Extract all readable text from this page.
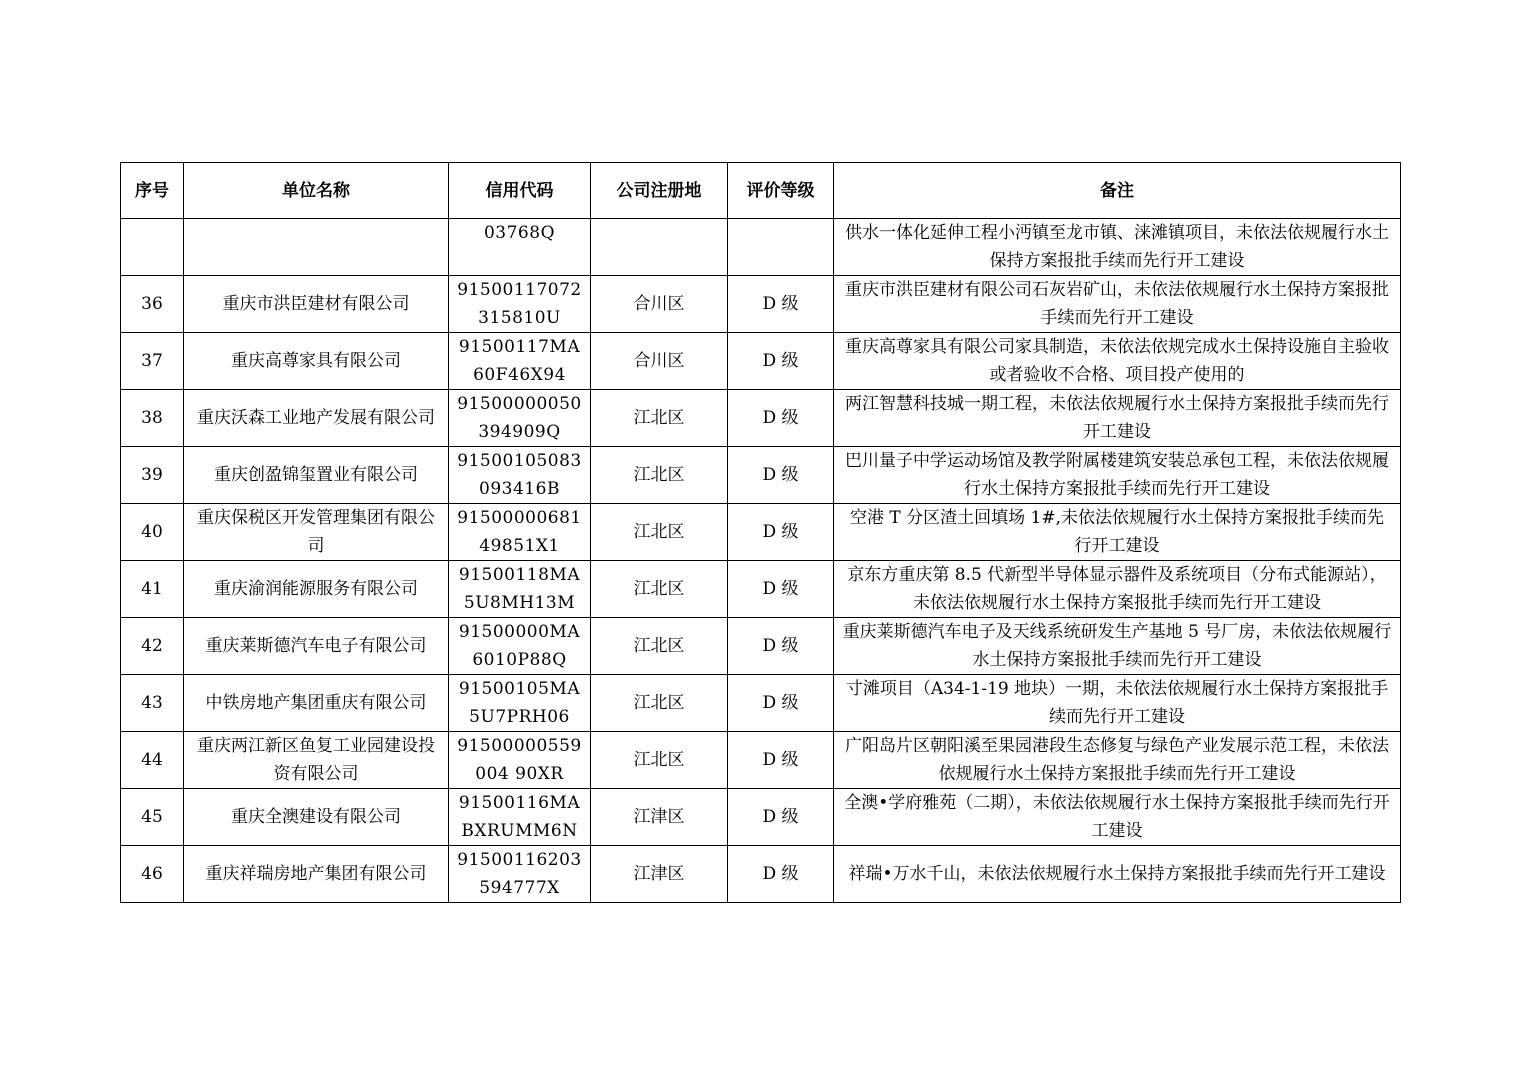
序号	单位名称	信用代码	公司注册地	评价等级	备注
		03768Q			供水一体化延伸工程小沔镇至龙市镇、涞滩镇项目，未依法依规履行水土保持方案报批手续而先行开工建设
36	重庆市洪臣建材有限公司	91500117072315810U	合川区	D 级	重庆市洪臣建材有限公司石灰岩矿山，未依法依规履行水土保持方案报批手续而先行开工建设
37	重庆高尊家具有限公司	91500117MA60F46X94	合川区	D 级	重庆高尊家具有限公司家具制造，未依法依规完成水土保持设施自主验收或者验收不合格、项目投产使用的
38	重庆沃森工业地产发展有限公司	91500000050394909Q	江北区	D 级	两江智慧科技城一期工程，未依法依规履行水土保持方案报批手续而先行开工建设
39	重庆创盈锦玺置业有限公司	91500105083093416B	江北区	D 级	巴川量子中学运动场馆及教学附属楼建筑安装总承包工程，未依法依规履行水土保持方案报批手续而先行开工建设
40	重庆保税区开发管理集团有限公司	9150000068149851X1	江北区	D 级	空港 T 分区渣土回填场 1#,未依法依规履行水土保持方案报批手续而先行开工建设
41	重庆渝润能源服务有限公司	91500118MA5U8MH13M	江北区	D 级	京东方重庆第 8.5 代新型半导体显示器件及系统项目（分布式能源站），未依法依规履行水土保持方案报批手续而先行开工建设
42	重庆莱斯德汽车电子有限公司	91500000MA6010P88Q	江北区	D 级	重庆莱斯德汽车电子及天线系统研发生产基地 5 号厂房，未依法依规履行水土保持方案报批手续而先行开工建设
43	中铁房地产集团重庆有限公司	91500105MA5U7PRH06	江北区	D 级	寸滩项目（A34-1-19 地块）一期，未依法依规履行水土保持方案报批手续而先行开工建设
44	重庆两江新区鱼复工业园建设投资有限公司	91500000559004 90XR	江北区	D 级	广阳岛片区朝阳溪至果园港段生态修复与绿色产业发展示范工程，未依法依规履行水土保持方案报批手续而先行开工建设
45	重庆全澳建设有限公司	91500116MABXRUMM6N	江津区	D 级	全澳•学府雅苑（二期），未依法依规履行水土保持方案报批手续而先行开工建设
46	重庆祥瑞房地产集团有限公司	91500116203594777X	江津区	D 级	祥瑞•万水千山，未依法依规履行水土保持方案报批手续而先行开工建设
